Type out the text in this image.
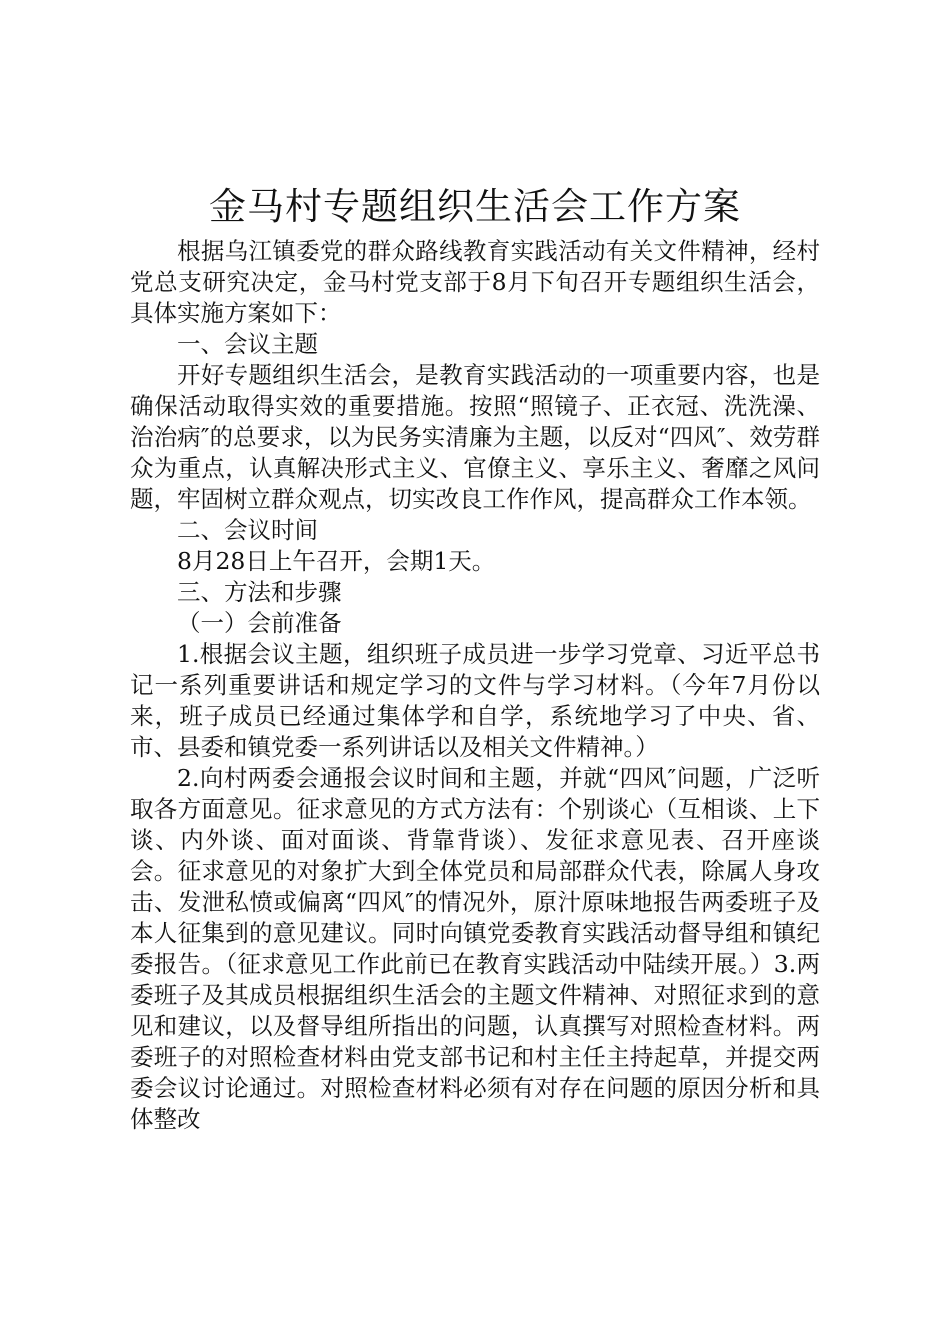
金马村专题组织生活会工作方案

根据乌江镇委党的群众路线教育实践活动有关文件精神，经村党总支研究决定，金马村党支部于8月下旬召开专题组织生活会，具体实施方案如下：

一、会议主题

开好专题组织生活会，是教育实践活动的一项重要内容，也是确保活动取得实效的重要措施。按照“照镜子、正衣冠、洗洗澡、治治病″的总要求，以为民务实清廉为主题，以反对“四风″、效劳群众为重点，认真解决形式主义、官僚主义、享乐主义、奢靡之风问题，牢固树立群众观点，切实改良工作作风，提高群众工作本领。

二、会议时间

8月28日上午召开，会期1天。

三、方法和步骤

（一）会前准备

1.根据会议主题，组织班子成员进一步学习党章、习近平总书记一系列重要讲话和规定学习的文件与学习材料。（今年7月份以来，班子成员已经通过集体学和自学，系统地学习了中央、省、市、县委和镇党委一系列讲话以及相关文件精神。）

2.向村两委会通报会议时间和主题，并就“四风″问题，广泛听取各方面意见。征求意见的方式方法有：个别谈心（互相谈、上下谈、内外谈、面对面谈、背靠背谈）、发征求意见表、召开座谈会。征求意见的对象扩大到全体党员和局部群众代表，除属人身攻击、发泄私愤或偏离“四风″的情况外，原汁原味地报告两委班子及本人征集到的意见建议。同时向镇党委教育实践活动督导组和镇纪委报告。（征求意见工作此前已在教育实践活动中陆续开展。）3.两委班子及其成员根据组织生活会的主题文件精神、对照征求到的意见和建议，以及督导组所指出的问题，认真撰写对照检查材料。两委班子的对照检查材料由党支部书记和村主任主持起草，并提交两委会议讨论通过。对照检查材料必须有对存在问题的原因分析和具体整改
